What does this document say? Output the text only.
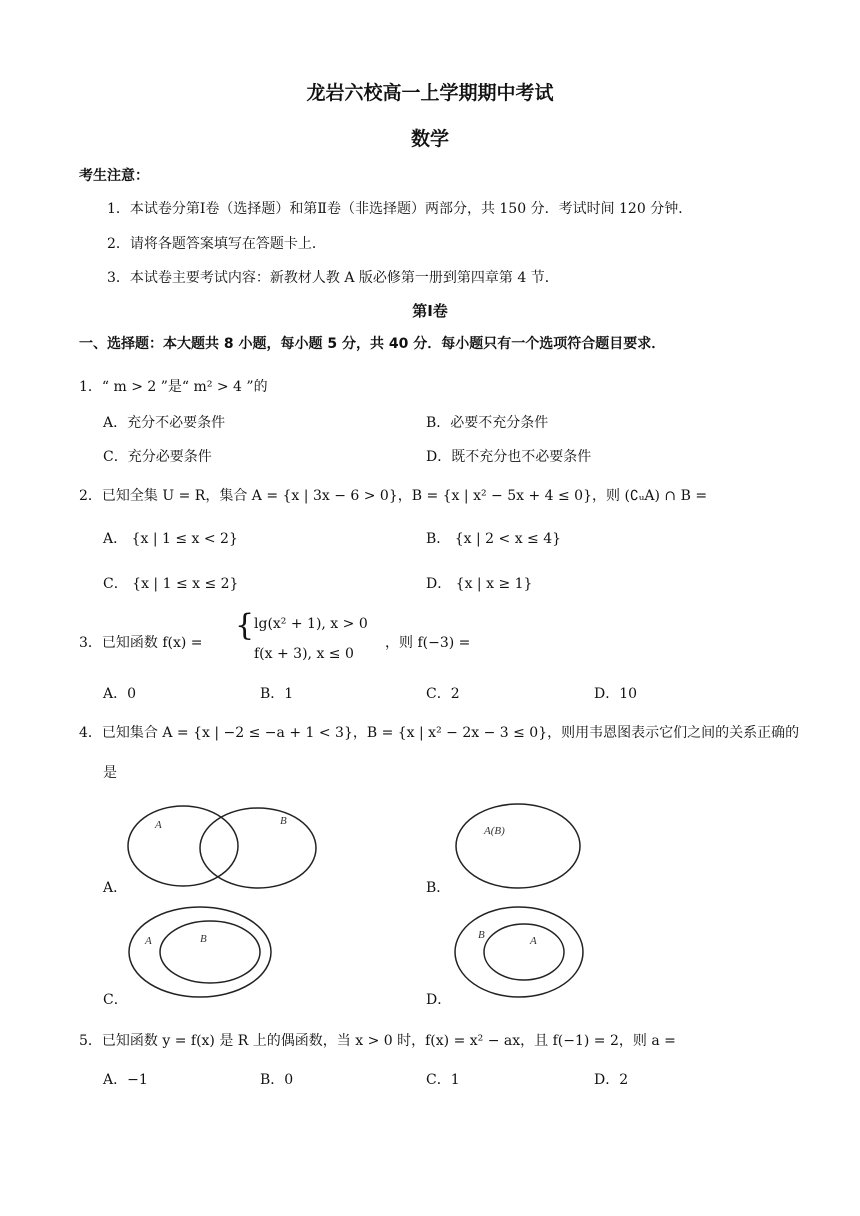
龙岩六校高一上学期期中考试
数学
考生注意：
1．本试卷分第Ⅰ卷（选择题）和第Ⅱ卷（非选择题）两部分，共 150 分．考试时间 120 分钟．
2．请将各题答案填写在答题卡上．
3．本试卷主要考试内容：新教材人教 A 版必修第一册到第四章第 4 节．
第Ⅰ卷
一、选择题：本大题共 8 小题，每小题 5 分，共 40 分．每小题只有一个选项符合题目要求．
1．“ m > 2 ”是“ m² > 4 ”的
A．充分不必要条件	B．必要不充分条件
C．充分必要条件	D．既不充分也不必要条件
2．已知全集 U = R，集合 A = {x | 3x − 6 > 0}，B = {x | x² − 5x + 4 ≤ 0}，则 (∁ᵤA) ∩ B =
A． {x | 1 ≤ x < 2}	B． {x | 2 < x ≤ 4}
C． {x | 1 ≤ x ≤ 2}	D． {x | x ≥ 1}
3．已知函数 f(x) = { lg(x² + 1), x > 0
f(x + 3), x ≤ 0
，则 f(−3) =
A．0	B．1	C．2	D．10
4．已知集合 A = {x | −2 ≤ −a + 1 < 3}，B = {x | x² − 2x − 3 ≤ 0}，则用韦恩图表示它们之间的关系正确的
是
A．
A	B
B．
A(B)
C．
A	B
D．
B	A
5．已知函数 y = f(x) 是 R 上的偶函数，当 x > 0 时，f(x) = x² − ax，且 f(−1) = 2，则 a =
A．−1	B．0	C．1	D．2
